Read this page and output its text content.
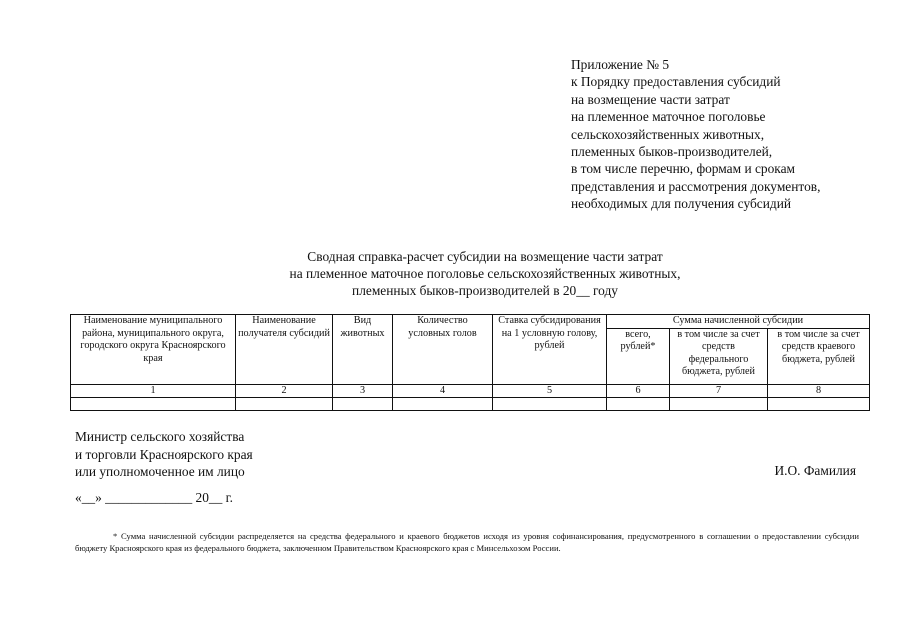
Приложение № 5
к Порядку предоставления субсидий
на возмещение части затрат
на племенное маточное поголовье
сельскохозяйственных животных,
племенных быков-производителей,
в том числе перечню, формам и срокам
представления и рассмотрения документов,
необходимых для получения субсидий
Сводная справка-расчет субсидии на возмещение части затрат
на племенное маточное поголовье сельскохозяйственных животных,
племенных быков-производителей в 20__ году
Наименование муниципального района, муниципального округа, городского округа Красноярского края	Наименование получателя субсидий	Вид животных	Количество условных голов	Ставка субсидирования на 1 условную голову, рублей	Сумма начисленной субсидии		
					всего, рублей*	в том числе за счет средств федерального бюджета, рублей	в том числе за счет средств краевого бюджета, рублей
1	2	3	4	5	6	7	8

Министр сельского хозяйства
и торговли Красноярского края
или уполномоченное им лицо	И.О. Фамилия
«__» _____________ 20__ г.
* Сумма начисленной субсидии распределяется на средства федерального и краевого бюджетов исходя из уровня софинансирования, предусмотренного в соглашении о предоставлении субсидии бюджету Красноярского края из федерального бюджета, заключенном Правительством Красноярского края с Минсельхозом России.
